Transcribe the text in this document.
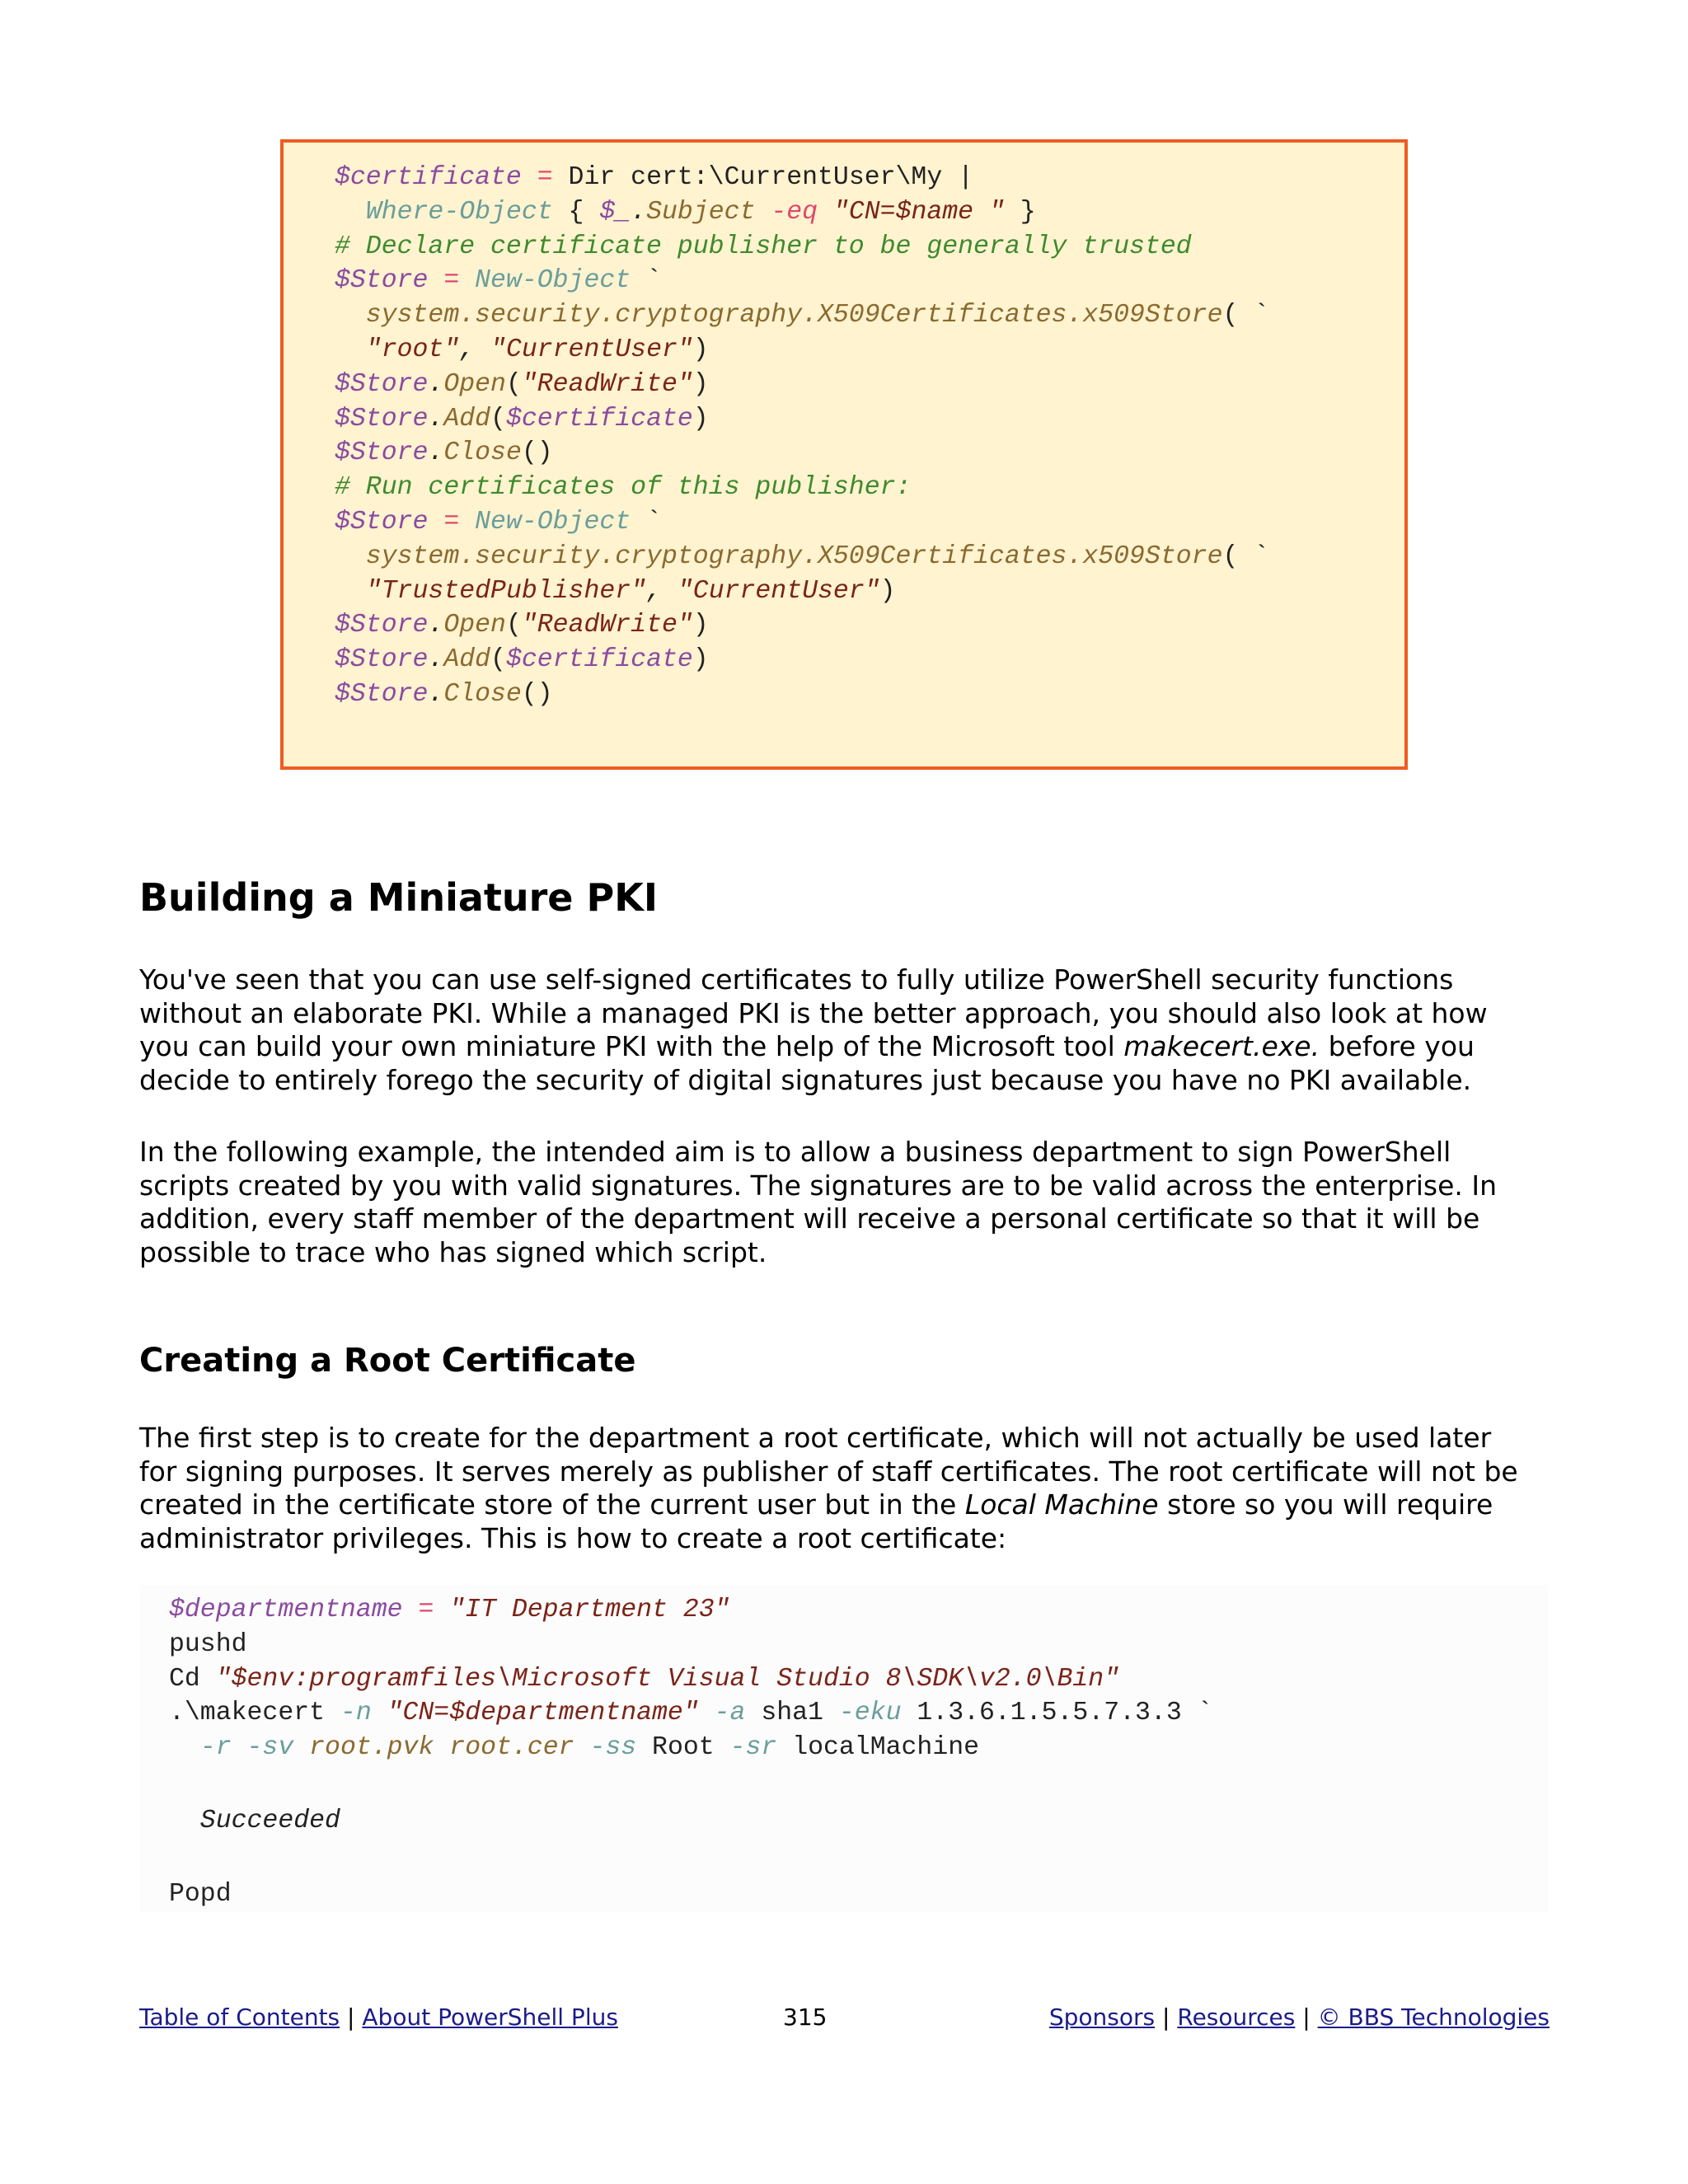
$certificate = Dir cert:\CurrentUser\My |
Where-Object { $_.Subject -eq "CN=$name " }
# Declare certificate publisher to be generally trusted
$Store = New-Object `
system.security.cryptography.X509Certificates.x509Store( `
"root", "CurrentUser")
$Store.Open("ReadWrite")
$Store.Add($certificate)
$Store.Close()
# Run certificates of this publisher:
$Store = New-Object `
system.security.cryptography.X509Certificates.x509Store( `
"TrustedPublisher", "CurrentUser")
$Store.Open("ReadWrite")
$Store.Add($certificate)
$Store.Close()
Building a Miniature PKI

You've seen that you can use self-signed certificates to fully utilize PowerShell security functions
without an elaborate PKI. While a managed PKI is the better approach, you should also look at how
you can build your own miniature PKI with the help of the Microsoft tool makecert.exe. before you
decide to entirely forego the security of digital signatures just because you have no PKI available.

In the following example, the intended aim is to allow a business department to sign PowerShell
scripts created by you with valid signatures. The signatures are to be valid across the enterprise. In
addition, every staff member of the department will receive a personal certificate so that it will be
possible to trace who has signed which script.

Creating a Root Certificate

The first step is to create for the department a root certificate, which will not actually be used later
for signing purposes. It serves merely as publisher of staff certificates. The root certificate will not be
created in the certificate store of the current user but in the Local Machine store so you will require
administrator privileges. This is how to create a root certificate:

$departmentname = "IT Department 23"
pushd
Cd "$env:programfiles\Microsoft Visual Studio 8\SDK\v2.0\Bin"
.\makecert -n "CN=$departmentname" -a sha1 -eku 1.3.6.1.5.5.7.3.3 `
-r -sv root.pvk root.cer -ss Root -sr localMachine
Succeeded
Popd
Table of Contents | About PowerShell Plus	315	Sponsors | Resources | © BBS Technologies
